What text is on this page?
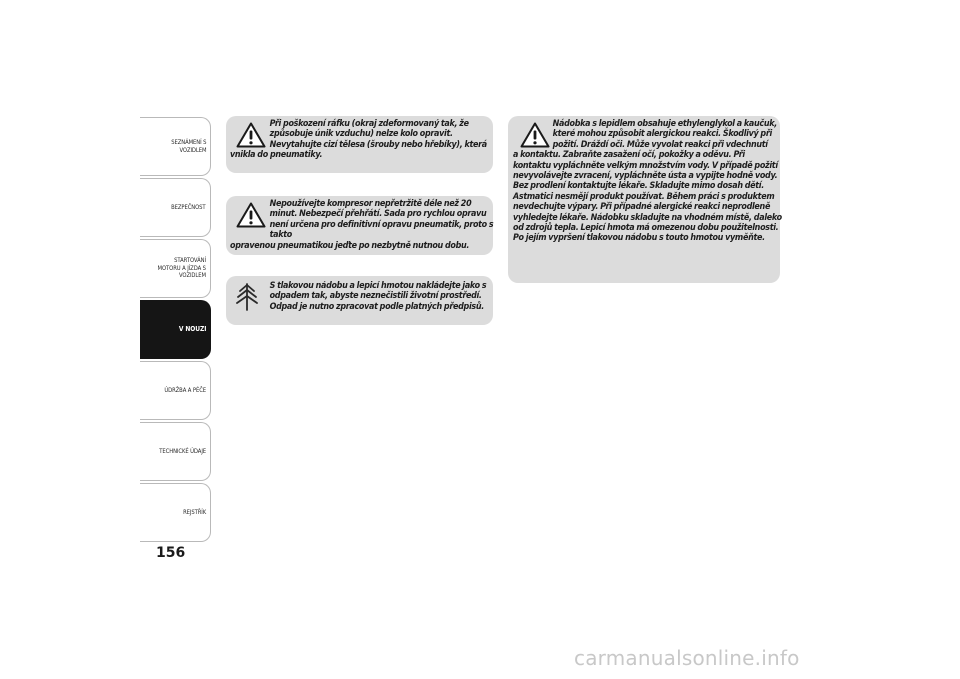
SEZNÁMENÍ S
VOZIDLEM
BEZPEČNOST
STARTOVÁNÍ
MOTORU A JÍZDA S
VOZIDLEM
V NOUZI
ÚDRŽBA A PÉČE
TECHNICKÉ ÚDAJE
REJSTŘÍK
156

Při poškození ráfku (okraj zdeformovaný tak, že způsobuje únik vzduchu) nelze kolo opravit. Nevytahujte cizí tělesa (šrouby nebo hřebíky), která
vnikla do pneumatiky.

Nepoužívejte kompresor nepřetržitě déle než 20 minut. Nebezpečí přehřátí. Sada pro rychlou opravu není určena pro definitivní opravu pneumatik, proto s takto
opravenou pneumatikou jeďte po nezbytně nutnou dobu.

S tlakovou nádobu a lepicí hmotou nakládejte jako s odpadem tak, abyste neznečistili životní prostředí. Odpad je nutno zpracovat podle platných předpisů.

Nádobka s lepidlem obsahuje ethylenglykol a kaučuk, které mohou způsobit alergickou reakci. Škodlivý při požití. Dráždí oči. Může vyvolat reakci při vdechnutí
a kontaktu. Zabraňte zasažení očí, pokožky a oděvu. Při kontaktu vypláchněte velkým množstvím vody. V případě požití nevyvolávejte zvracení, vypláchněte ústa a vypijte hodně vody. Bez prodlení kontaktujte lékaře. Skladujte mimo dosah dětí. Astmatici nesmějí produkt používat. Během práci s produktem nevdechujte výpary. Při případné alergické reakci neprodleně vyhledejte lékaře. Nádobku skladujte na vhodném místě, daleko od zdrojů tepla. Lepicí hmota má omezenou dobu použitelnosti. Po jejím vypršení tlakovou nádobu s touto hmotou vyměňte.

carmanualsonline.info
